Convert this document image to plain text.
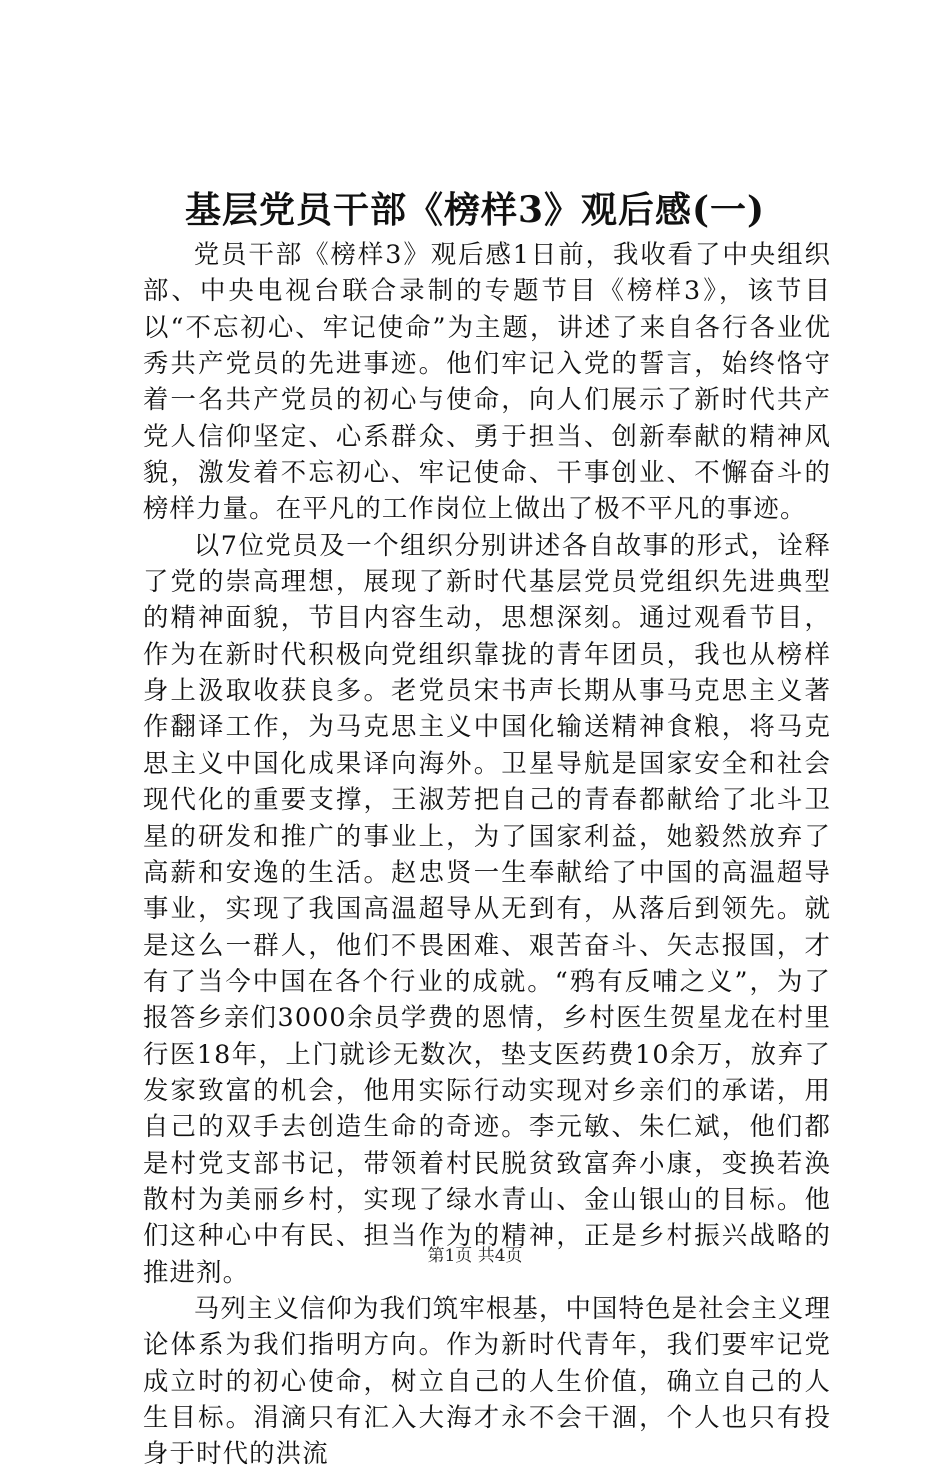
基层党员干部《榜样3》观后感(一)

党员干部《榜样3》观后感1日前，我收看了中央组织部、中央电视台联合录制的专题节目《榜样3》，该节目以“不忘初心、牢记使命”为主题，讲述了来自各行各业优秀共产党员的先进事迹。他们牢记入党的誓言，始终恪守着一名共产党员的初心与使命，向人们展示了新时代共产党人信仰坚定、心系群众、勇于担当、创新奉献的精神风貌，激发着不忘初心、牢记使命、干事创业、不懈奋斗的榜样力量。在平凡的工作岗位上做出了极不平凡的事迹。

以7位党员及一个组织分别讲述各自故事的形式，诠释了党的崇高理想，展现了新时代基层党员党组织先进典型的精神面貌，节目内容生动，思想深刻。通过观看节目，作为在新时代积极向党组织靠拢的青年团员，我也从榜样身上汲取收获良多。老党员宋书声长期从事马克思主义著作翻译工作，为马克思主义中国化输送精神食粮，将马克思主义中国化成果译向海外。卫星导航是国家安全和社会现代化的重要支撑，王淑芳把自己的青春都献给了北斗卫星的研发和推广的事业上，为了国家利益，她毅然放弃了高薪和安逸的生活。赵忠贤一生奉献给了中国的高温超导事业，实现了我国高温超导从无到有，从落后到领先。就是这么一群人，他们不畏困难、艰苦奋斗、矢志报国，才有了当今中国在各个行业的成就。“鸦有反哺之义”，为了报答乡亲们3000余员学费的恩情，乡村医生贺星龙在村里行医18年，上门就诊无数次，垫支医药费10余万，放弃了发家致富的机会，他用实际行动实现对乡亲们的承诺，用自己的双手去创造生命的奇迹。李元敏、朱仁斌，他们都是村党支部书记，带领着村民脱贫致富奔小康，变换若涣散村为美丽乡村，实现了绿水青山、金山银山的目标。他们这种心中有民、担当作为的精神，正是乡村振兴战略的推进剂。

马列主义信仰为我们筑牢根基，中国特色是社会主义理论体系为我们指明方向。作为新时代青年，我们要牢记党成立时的初心使命，树立自己的人生价值，确立自己的人生目标。涓滴只有汇入大海才永不会干涸，个人也只有投身于时代的洪流

第1页 共4页
